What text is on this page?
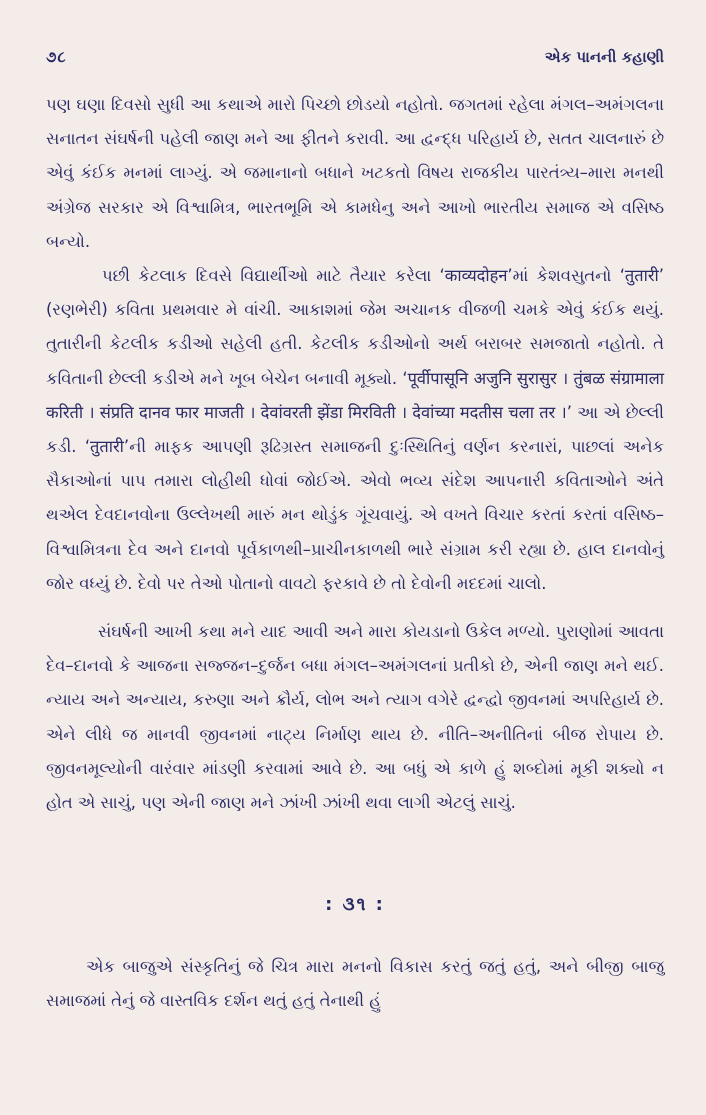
૭૮	એક પાનની કહાણી

પણ ઘણા દિવસો સુધી આ કથાએ મારો પિચ્છો છોડયો નહોતો. જગતમાં રહેલા મંગલ–અમંગલના સનાતન સંઘર્ષની પહેલી જાણ મને આ ફીતને કરાવી. આ દ્વન્દ્ધ પરિહાર્ય છે, સતત ચાલનારું છે એવું કંઈક મનમાં લાગ્યું. એ જમાનાનો બધાને ખટકતો વિષય રાજકીય પારતંત્ર્ય–મારા મનથી અંગ્રેજ સરકાર એ વિશ્વામિત્ર, ભારતભૂમિ એ કામધેનુ અને આખો ભારતીય સમાજ એ વસિષ્ઠ બન્યો.

પછી કેટલાક દિવસે વિદ્યાર્થીઓ માટે તૈયાર કરેલા ‘काव्यदोहन’માં કેશવસુતનો ‘तुतारी’ (રણભેરી) કવિતા પ્રથમવાર મે વાંચી. આકાશમાં જેમ અચાનક વીજળી ચમકે એવું કંઈક થયું. તુતારીની કેટલીક કડીઓ સહેલી હતી. કેટલીક કડીઓનો અર્થ બરાબર સમજાતો નહોતો. તે કવિતાની છેલ્લી કડીએ મને ખૂબ બેચેન બનાવી મૂક્યો. ‘पूर्वीपासूनि अजुनि सुरासुर । तुंबळ संग्रामाला करिती । संप्रति दानव फार माजती । देवांवरती झेंडा मिरविती । देवांच्या मदतीस चला तर ।’ આ એ છેલ્લી કડી. ‘तुतारी’ની માફક આપણી રૂઢિગ્રસ્ત સમાજની દુઃસ્થિતિનું વર્ણન કરનારાં, પાછલાં અનેક સૈકાઓનાં પાપ તમારા લોહીથી ધોવાં જોઈએ. એવો ભવ્ય સંદેશ આપનારી કવિતાઓને અંતે થએલ દેવદાનવોના ઉલ્લેખથી મારું મન થોડુંક ગૂંચવાયું. એ વખતે વિચાર કરતાં કરતાં વસિષ્ઠ–વિશ્વામિત્રના દેવ અને દાનવો પૂર્વકાળથી–પ્રાચીનકાળથી ભારે સંગ્રામ કરી રહ્યા છે. હાલ દાનવોનું જોર વધ્યું છે. દેવો પર તેઓ પોતાનો વાવટો ફરકાવે છે તો દેવોની મદદમાં ચાલો.

સંઘર્ષની આખી કથા મને યાદ આવી અને મારા કોયડાનો ઉકેલ મળ્યો. પુરાણોમાં આવતા દેવ–દાનવો કે આજના સજ્જન–દુર્જન બધા મંગલ–અમંગલનાં પ્રતીકો છે, એની જાણ મને થઈ. ન્યાય અને અન્યાય, કરુણા અને ક્રૌર્ય, લોભ અને ત્યાગ વગેરે દ્વન્દ્વો જીવનમાં અપરિહાર્ય છે. એને લીધે જ માનવી જીવનમાં નાટ્ય નિર્માણ થાય છે. નીતિ–અનીતિનાં બીજ રોપાય છે. જીવનમૂલ્યોની વારંવાર માંડણી કરવામાં આવે છે. આ બધું એ કાળે હું શબ્દોમાં મૂકી શક્યો ન હોત એ સાચું, પણ એની જાણ મને ઝાંખી ઝાંખી થવા લાગી એટલું સાચું.

: ૩૧ :

એક બાજુએ સંસ્કૃતિનું જે ચિત્ર મારા મનનો વિકાસ કરતું જતું હતું, અને બીજી બાજુ સમાજમાં તેનું જે વાસ્તવિક દર્શન થતું હતું તેનાથી હું
